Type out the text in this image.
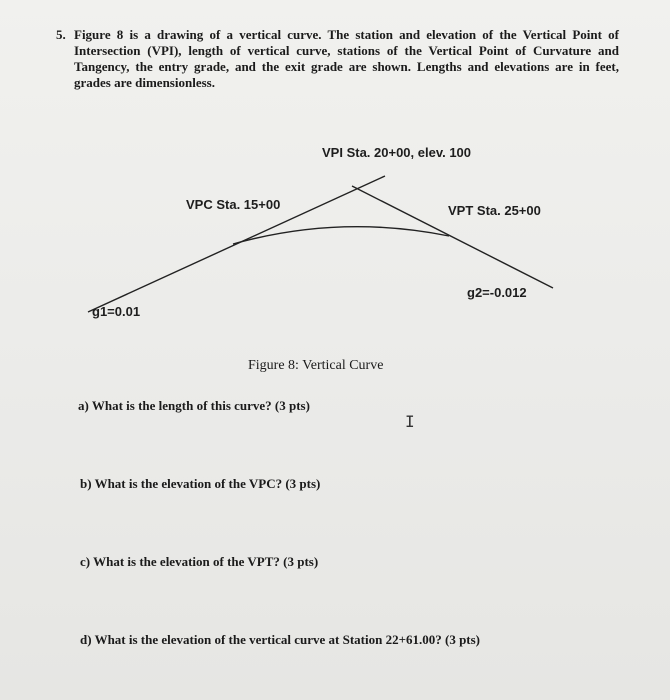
5. Figure 8 is a drawing of a vertical curve. The station and elevation of the Vertical Point of Intersection (VPI), length of vertical curve, stations of the Vertical Point of Curvature and Tangency, the entry grade, and the exit grade are shown. Lengths and elevations are in feet, grades are dimensionless.
VPI Sta. 20+00, elev. 100
VPC Sta. 15+00	VPT Sta. 25+00
g1=0.01
g2=-0.012
Figure 8: Vertical Curve
a) What is the length of this curve? (3 pts)
b) What is the elevation of the VPC? (3 pts)
c) What is the elevation of the VPT? (3 pts)
d) What is the elevation of the vertical curve at Station 22+61.00? (3 pts)
I
